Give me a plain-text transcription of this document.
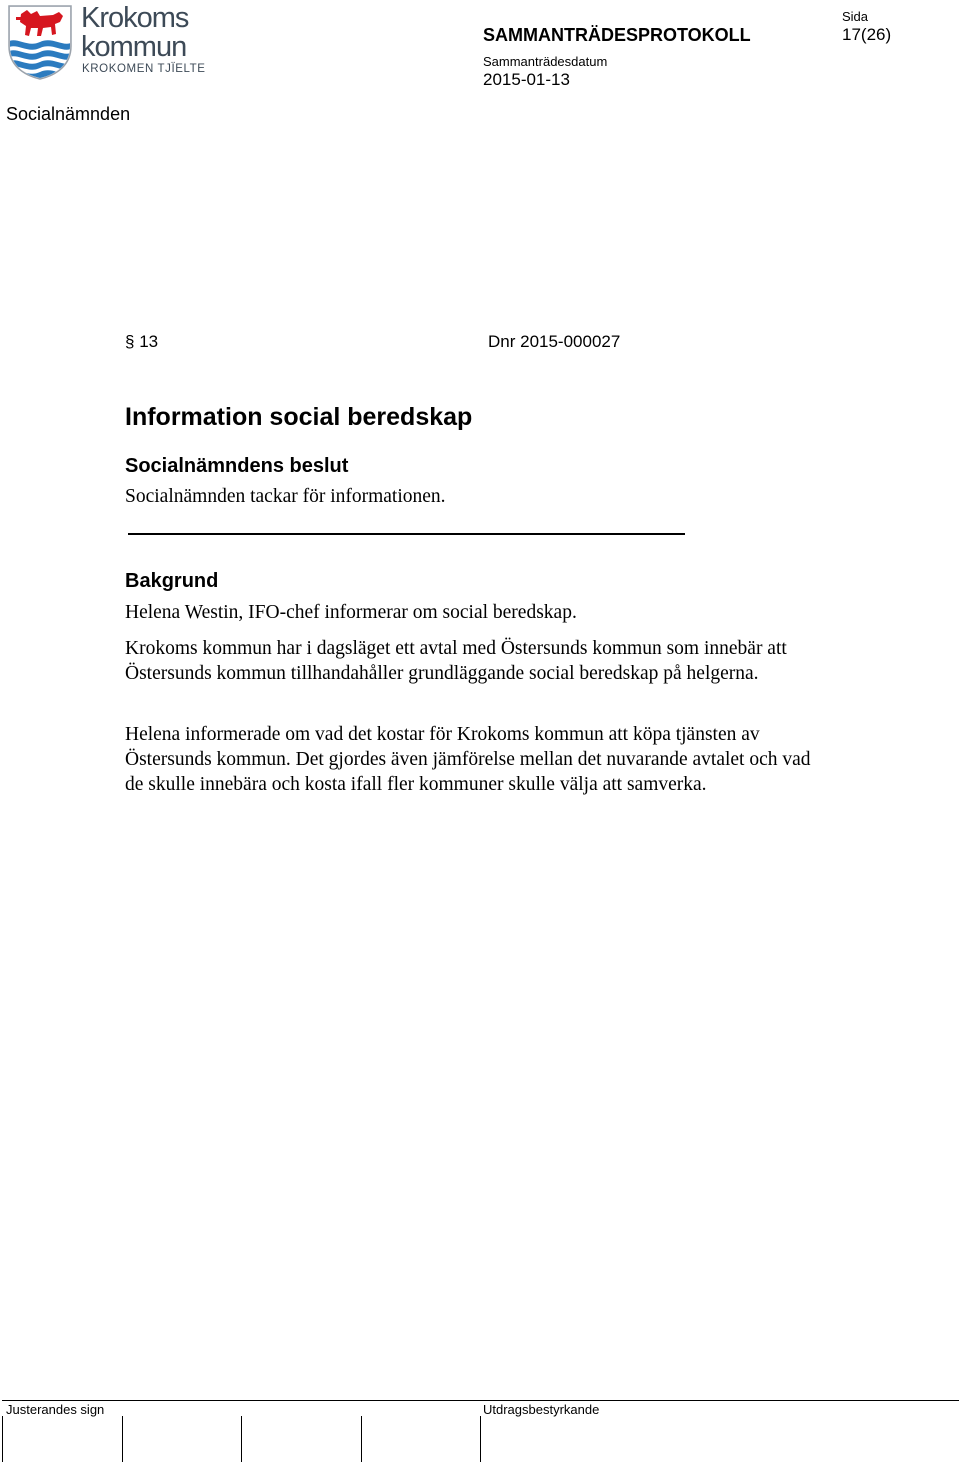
Krokoms
kommun
KROKOMEN TJÏELTE

SAMMANTRÄDESPROTOKOLL

Sida

17(26)

Sammanträdesdatum

2015-01-13

Socialnämnden

§ 13	Dnr 2015-000027

Information social beredskap
Socialnämndens beslut

Socialnämnden tackar för informationen.

Bakgrund

Helena Westin, IFO-chef informerar om social beredskap.

Krokoms kommun har i dagsläget ett avtal med Östersunds kommun som innebär att Östersunds kommun tillhandahåller grundläggande social beredskap på helgerna.

Helena informerade om vad det kostar för Krokoms kommun att köpa tjänsten av Östersunds kommun. Det gjordes även jämförelse mellan det nuvarande avtalet och vad de skulle innebära och kosta ifall fler kommuner skulle välja att samverka.

Justerandes sign	Utdragsbestyrkande
